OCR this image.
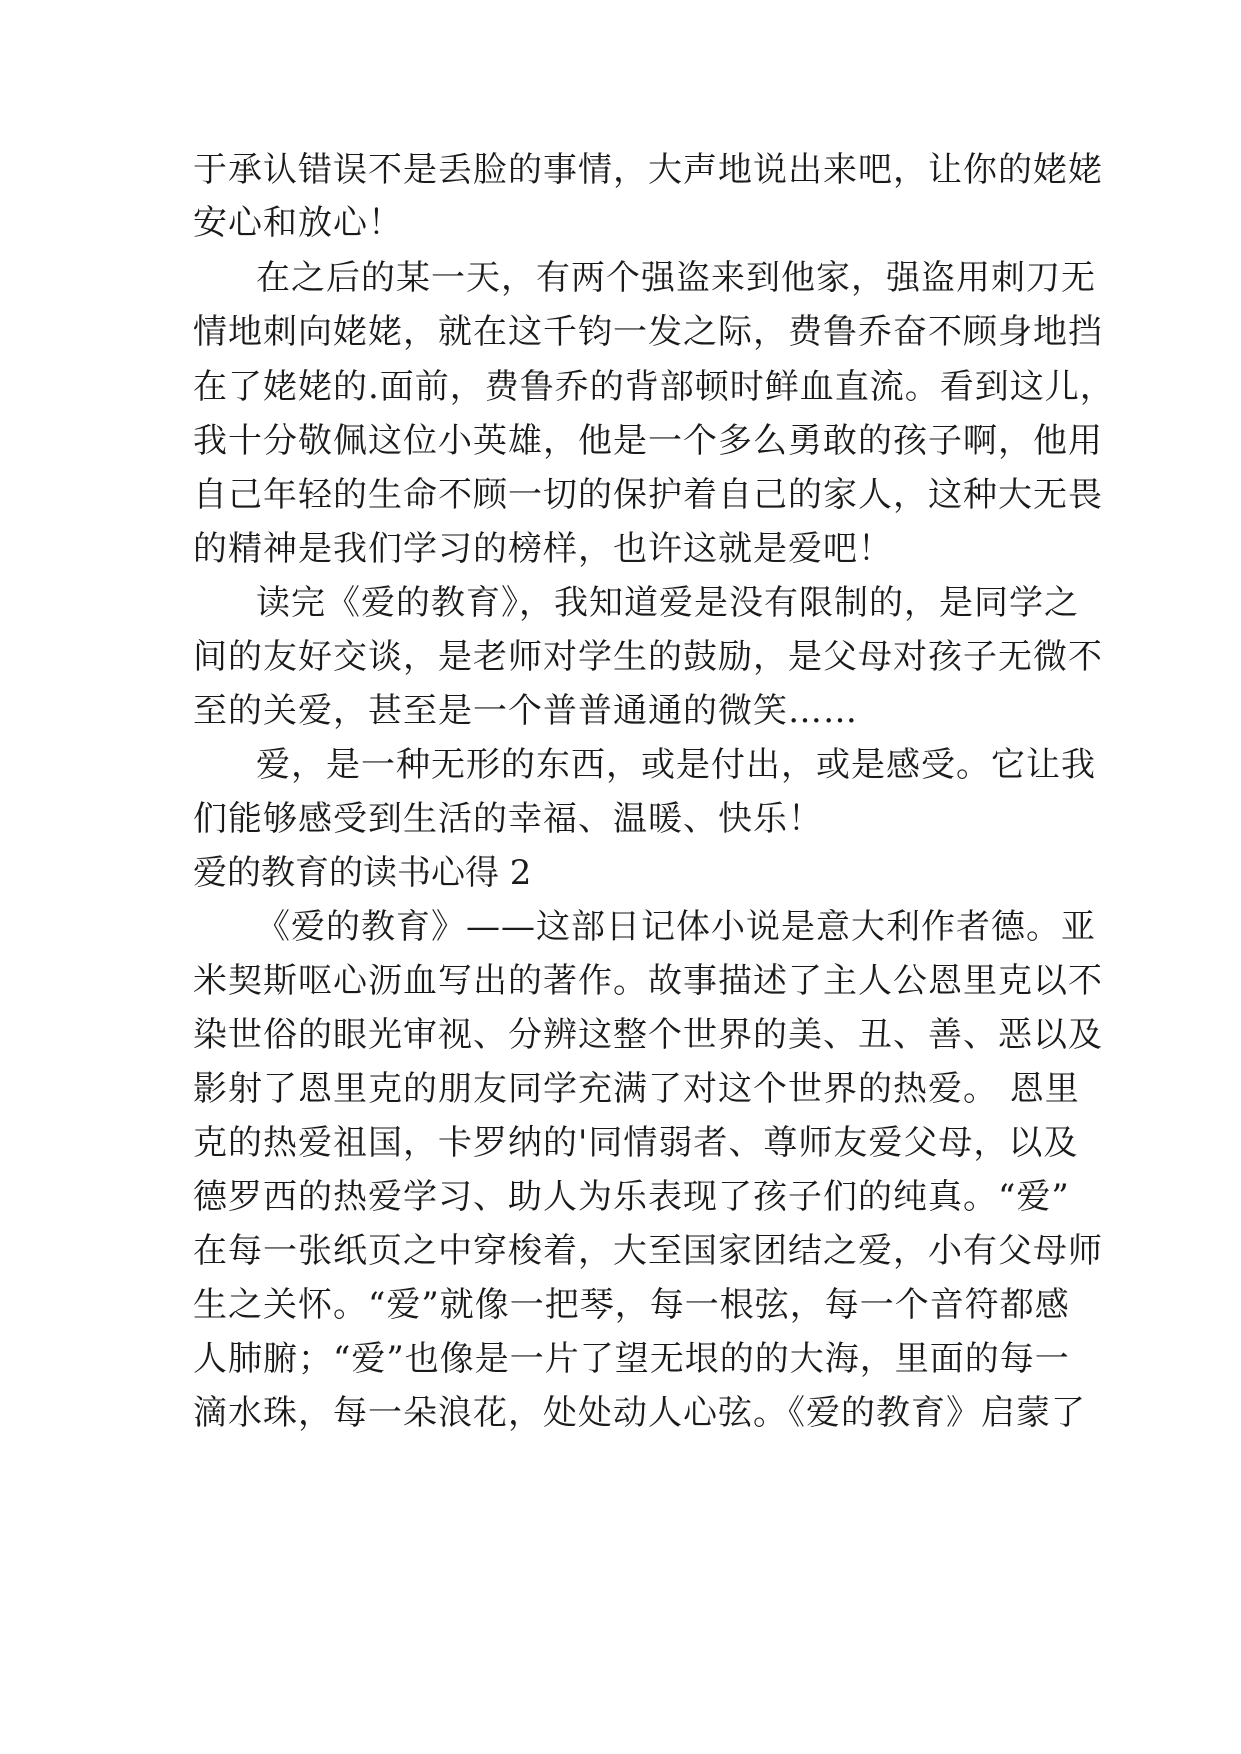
于承认错误不是丢脸的事情，大声地说出来吧，让你的姥姥
安心和放心！
在之后的某一天，有两个强盗来到他家，强盗用刺刀无
情地刺向姥姥，就在这千钧一发之际，费鲁乔奋不顾身地挡
在了姥姥的.面前，费鲁乔的背部顿时鲜血直流。看到这儿，
我十分敬佩这位小英雄，他是一个多么勇敢的孩子啊，他用
自己年轻的生命不顾一切的保护着自己的家人，这种大无畏
的精神是我们学习的榜样，也许这就是爱吧！
读完《爱的教育》，我知道爱是没有限制的，是同学之
间的友好交谈，是老师对学生的鼓励，是父母对孩子无微不
至的关爱，甚至是一个普普通通的微笑……
爱，是一种无形的东西，或是付出，或是感受。它让我
们能够感受到生活的幸福、温暖、快乐！
爱的教育的读书心得 2
《爱的教育》——这部日记体小说是意大利作者德。亚
米契斯呕心沥血写出的著作。故事描述了主人公恩里克以不
染世俗的眼光审视、分辨这整个世界的美、丑、善、恶以及
影射了恩里克的朋友同学充满了对这个世界的热爱。 恩里
克的热爱祖国，卡罗纳的'同情弱者、尊师友爱父母，以及
德罗西的热爱学习、助人为乐表现了孩子们的纯真。“爱”
在每一张纸页之中穿梭着，大至国家团结之爱，小有父母师
生之关怀。“爱”就像一把琴，每一根弦，每一个音符都感
人肺腑；“爱”也像是一片了望无垠的的大海，里面的每一
滴水珠，每一朵浪花，处处动人心弦。《爱的教育》启蒙了
